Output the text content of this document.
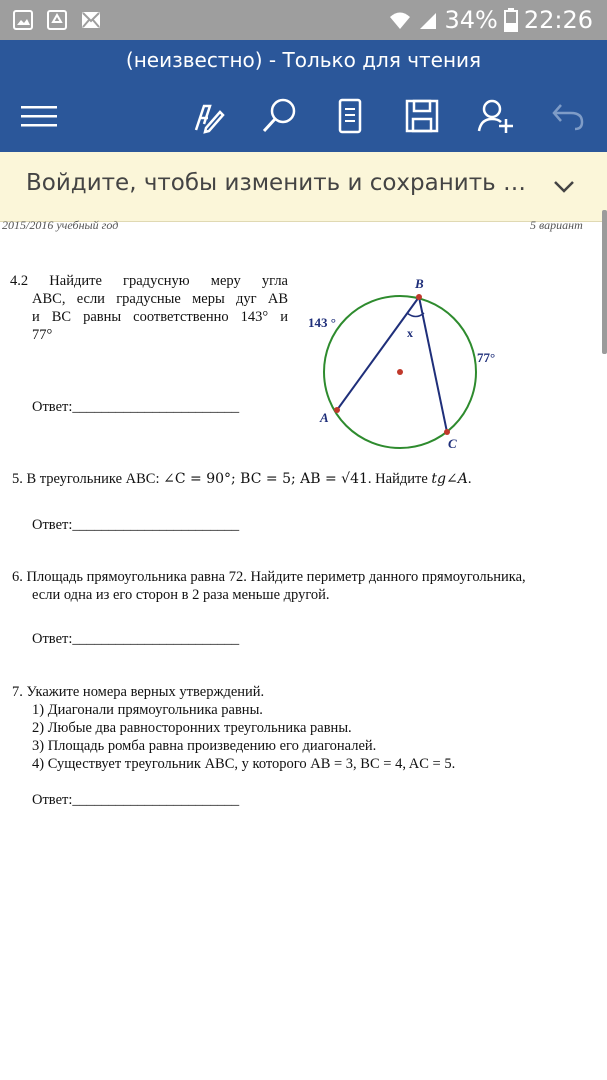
34% 22:26
(неизвестно) - Только для чтения
Войдите, чтобы изменить и сохранить …
2015/2016 учебный год	5 вариант
4.2 Найдите градусную меру угла
ABC, если градусные меры дуг AB
и BC равны соответственно 143° и
77°
Ответ:_______________________
B
A
C
x
143 °
77°
5. В треугольнике ABC: ∠C = 90°; BC = 5; AB = √41. Найдите tg∠A.
Ответ:_______________________
6. Площадь прямоугольника равна 72. Найдите периметр данного прямоугольника,
если одна из его сторон в 2 раза меньше другой.
Ответ:_______________________
7. Укажите номера верных утверждений.
1) Диагонали прямоугольника равны.
2) Любые два равносторонних треугольника равны.
3) Площадь ромба равна произведению его диагоналей.
4) Существует треугольник ABC, у которого AB = 3, BC = 4, AC = 5.
Ответ:_______________________
